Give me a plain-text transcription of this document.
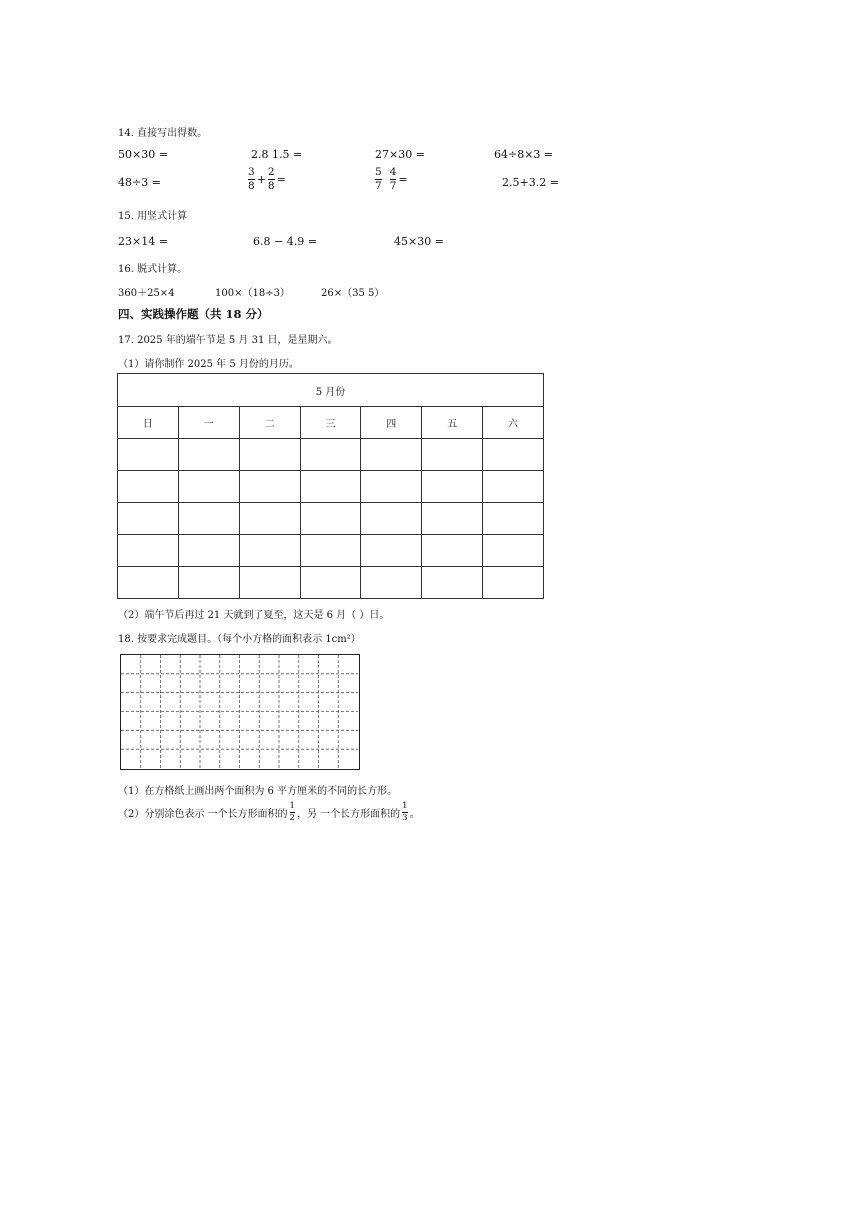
14. 直接写出得数。
50×30 =	2.8 1.5 =	27×30 =	64÷8×3 =
48÷3 =	$\frac{3}{8} + \frac{2}{8}$ =	$\frac{5}{7} \frac{4}{7}$ =	2.5+3.2 =
15. 用竖式计算
23×14 =	6.8 − 4.9 =	45×30 =
16. 脱式计算。
360＋25×4	100×（18÷3）	26×（35 5）
四、实践操作题（共 18 分）
17. 2025 年的端午节是 5 月 31 日，是星期六。
（1）请你制作 2025 年 5 月份的月历。
5 月份						
日	一	二	三	四	五	六

（2）端午节后再过 21 天就到了夏至，这天是 6 月（ ）日。
18. 按要求完成题目。（每个小方格的面积表示 1cm²）
（1）在方格纸上画出两个面积为 6 平方厘米的不同的长方形。
（2）分别涂色表示 一个长方形面积的 $\frac{1}{2}$ ，另 一个长方形面积的 $\frac{1}{3}$ 。
